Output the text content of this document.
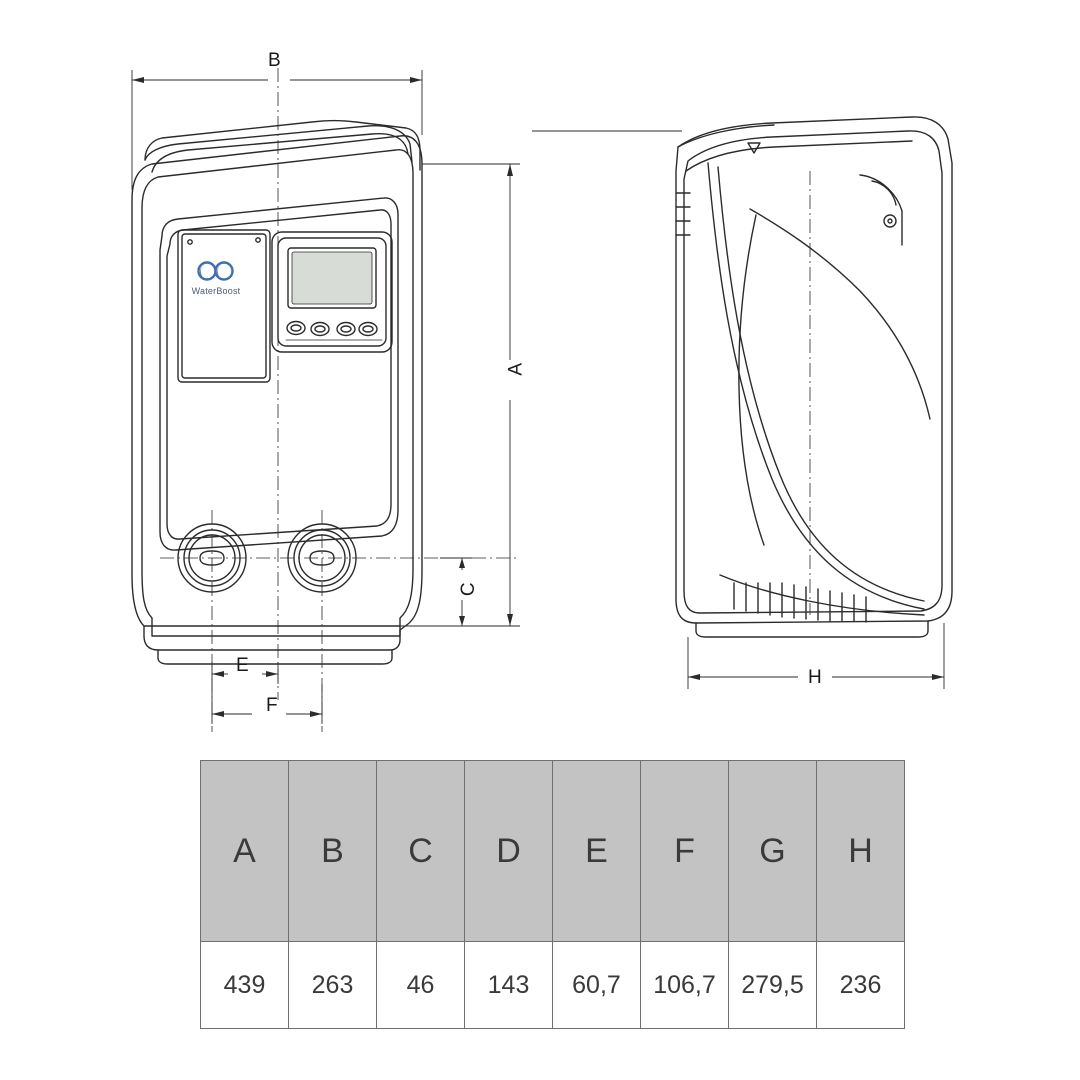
B
A
C
E
F
H
WaterBoost
A	B	C	D	E	F	G	H
439	263	46	143	60,7	106,7	279,5	236
